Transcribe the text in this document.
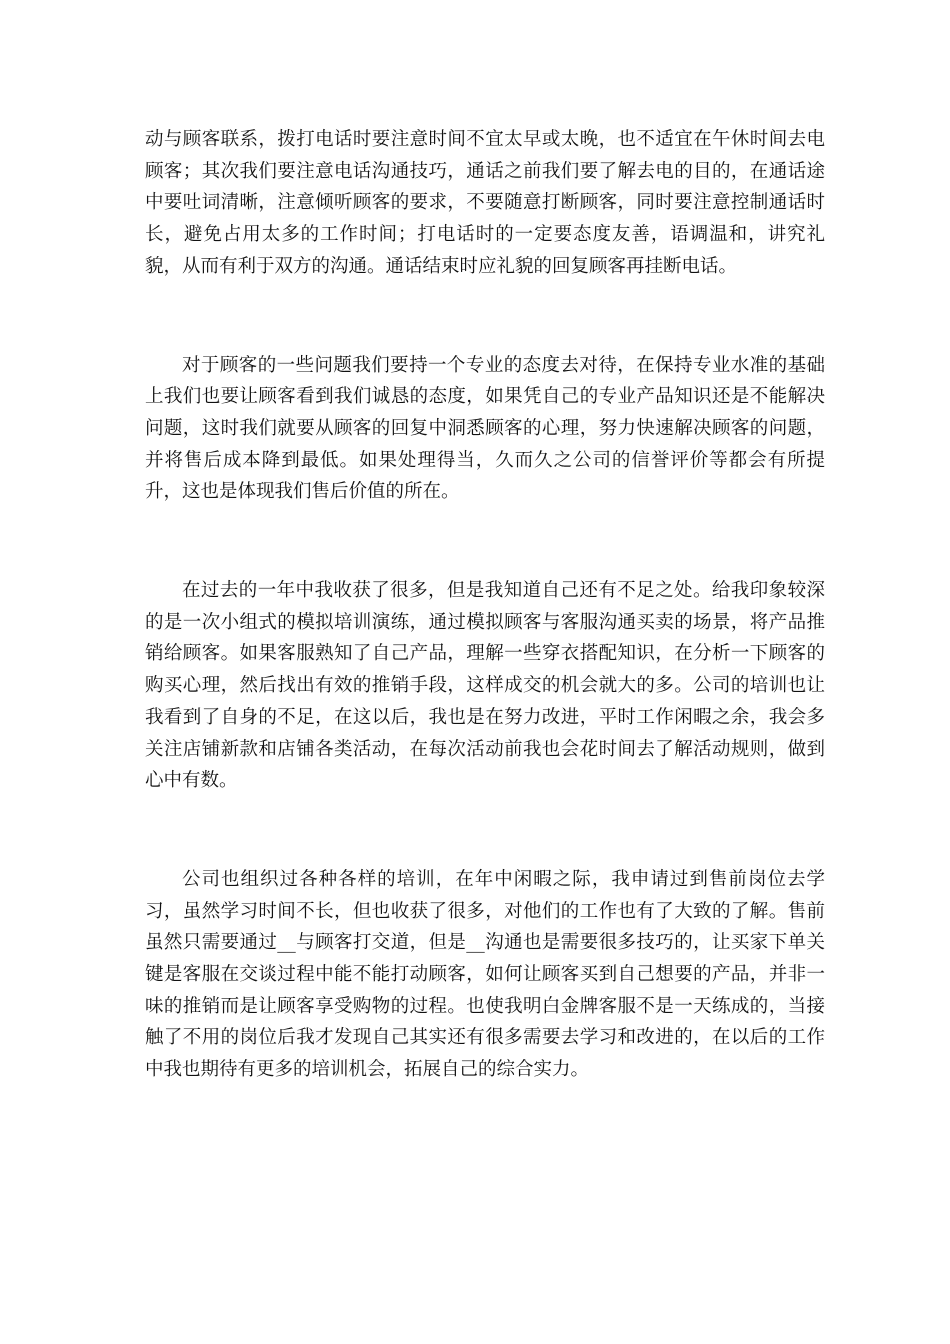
动与顾客联系，拨打电话时要注意时间不宜太早或太晚，也不适宜在午休时间去电顾客；其次我们要注意电话沟通技巧，通话之前我们要了解去电的目的，在通话途中要吐词清晰，注意倾听顾客的要求，不要随意打断顾客，同时要注意控制通话时长，避免占用太多的工作时间；打电话时的一定要态度友善，语调温和，讲究礼貌，从而有利于双方的沟通。通话结束时应礼貌的回复顾客再挂断电话。

对于顾客的一些问题我们要持一个专业的态度去对待，在保持专业水准的基础上我们也要让顾客看到我们诚恳的态度，如果凭自己的专业产品知识还是不能解决问题，这时我们就要从顾客的回复中洞悉顾客的心理，努力快速解决顾客的问题，并将售后成本降到最低。如果处理得当，久而久之公司的信誉评价等都会有所提升，这也是体现我们售后价值的所在。

在过去的一年中我收获了很多，但是我知道自己还有不足之处。给我印象较深的是一次小组式的模拟培训演练，通过模拟顾客与客服沟通买卖的场景，将产品推销给顾客。如果客服熟知了自己产品，理解一些穿衣搭配知识，在分析一下顾客的购买心理，然后找出有效的推销手段，这样成交的机会就大的多。公司的培训也让我看到了自身的不足，在这以后，我也是在努力改进，平时工作闲暇之余，我会多关注店铺新款和店铺各类活动，在每次活动前我也会花时间去了解活动规则，做到心中有数。

公司也组织过各种各样的培训，在年中闲暇之际，我申请过到售前岗位去学习，虽然学习时间不长，但也收获了很多，对他们的工作也有了大致的了解。售前虽然只需要通过__与顾客打交道，但是__沟通也是需要很多技巧的，让买家下单关键是客服在交谈过程中能不能打动顾客，如何让顾客买到自己想要的产品，并非一味的推销而是让顾客享受购物的过程。也使我明白金牌客服不是一天练成的，当接触了不用的岗位后我才发现自己其实还有很多需要去学习和改进的，在以后的工作中我也期待有更多的培训机会，拓展自己的综合实力。
